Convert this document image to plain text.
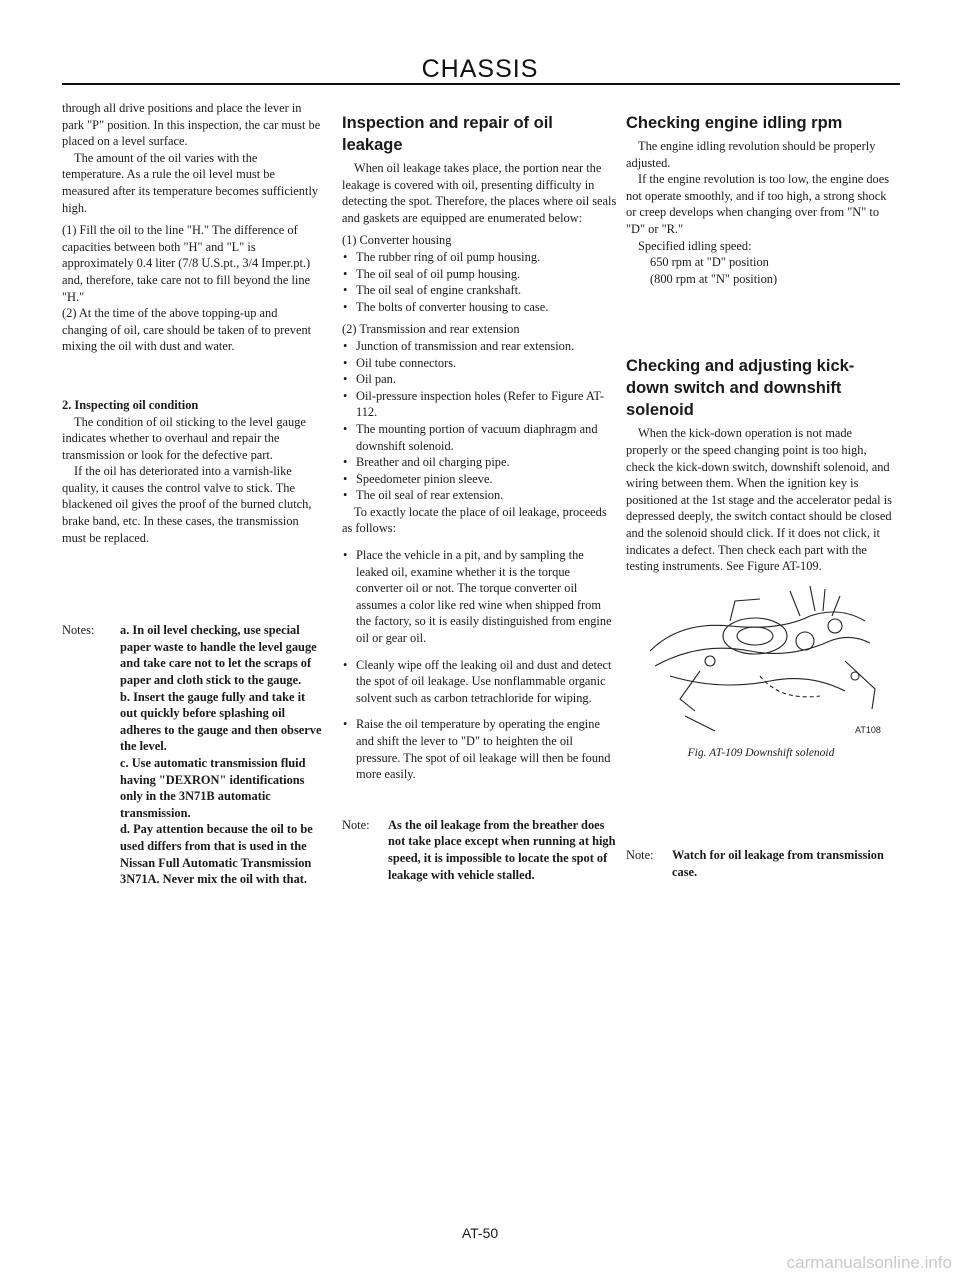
CHASSIS

through all drive positions and place the lever in park "P" position. In this inspection, the car must be placed on a level surface.

The amount of the oil varies with the temperature. As a rule the oil level must be measured after its temperature becomes sufficiently high.

(1) Fill the oil to the line "H." The difference of capacities between both "H" and "L" is approximately 0.4 liter (7/8 U.S.pt., 3/4 Imper.pt.) and, therefore, take care not to fill beyond the line "H."

(2) At the time of the above topping-up and changing of oil, care should be taken of to prevent mixing the oil with dust and water.

2. Inspecting oil condition

The condition of oil sticking to the level gauge indicates whether to overhaul and repair the transmission or look for the defective part.

If the oil has deteriorated into a varnish-like quality, it causes the control valve to stick. The blackened oil gives the proof of the burned clutch, brake band, etc. In these cases, the transmission must be replaced.

Notes:	a. In oil level checking, use special paper waste to handle the level gauge and take care not to let the scraps of paper and cloth stick to the gauge.

b. Insert the gauge fully and take it out quickly before splashing oil adheres to the gauge and then observe the level.

c. Use automatic transmission fluid having "DEXRON" identifications only in the 3N71B automatic transmission.

d. Pay attention because the oil to be used differs from that is used in the Nissan Full Automatic Transmission 3N71A. Never mix the oil with that.

Inspection and repair of oil leakage

When oil leakage takes place, the portion near the leakage is covered with oil, presenting difficulty in detecting the spot. Therefore, the places where oil seals and gaskets are equipped are enumerated below:

(1) Converter housing

• The rubber ring of oil pump housing.

• The oil seal of oil pump housing.

• The oil seal of engine crankshaft.

• The bolts of converter housing to case.

(2) Transmission and rear extension

• Junction of transmission and rear extension.

• Oil tube connectors.

• Oil pan.

• Oil-pressure inspection holes (Refer to Figure AT-112.

• The mounting portion of vacuum diaphragm and downshift solenoid.

• Breather and oil charging pipe.

• Speedometer pinion sleeve.

• The oil seal of rear extension.

To exactly locate the place of oil leakage, proceeds as follows:

• Place the vehicle in a pit, and by sampling the leaked oil, examine whether it is the torque converter oil or not. The torque converter oil assumes a color like red wine when shipped from the factory, so it is easily distinguished from engine oil or gear oil.

• Cleanly wipe off the leaking oil and dust and detect the spot of oil leakage. Use nonflammable organic solvent such as carbon tetrachloride for wiping.

• Raise the oil temperature by operating the engine and shift the lever to "D" to heighten the oil pressure. The spot of oil leakage will then be found more easily.

Note:	As the oil leakage from the breather does not take place except when running at high speed, it is impossible to locate the spot of leakage with vehicle stalled.

Checking engine idling rpm

The engine idling revolution should be properly adjusted.

If the engine revolution is too low, the engine does not operate smoothly, and if too high, a strong shock or creep develops when changing over from "N" to "D" or "R."

Specified idling speed:

650 rpm at "D" position

(800 rpm at "N" position)

Checking and adjusting kick-down switch and downshift solenoid

When the kick-down operation is not made properly or the speed changing point is too high, check the kick-down switch, downshift solenoid, and wiring between them. When the ignition key is positioned at the 1st stage and the accelerator pedal is depressed deeply, the switch contact should be closed and the solenoid should click. If it does not click, it indicates a defect. Then check each part with the testing instruments. See Figure AT-109.

AT108

Fig. AT-109 Downshift solenoid

Note:	Watch for oil leakage from transmission case.
AT-50
carmanualsonline.info
